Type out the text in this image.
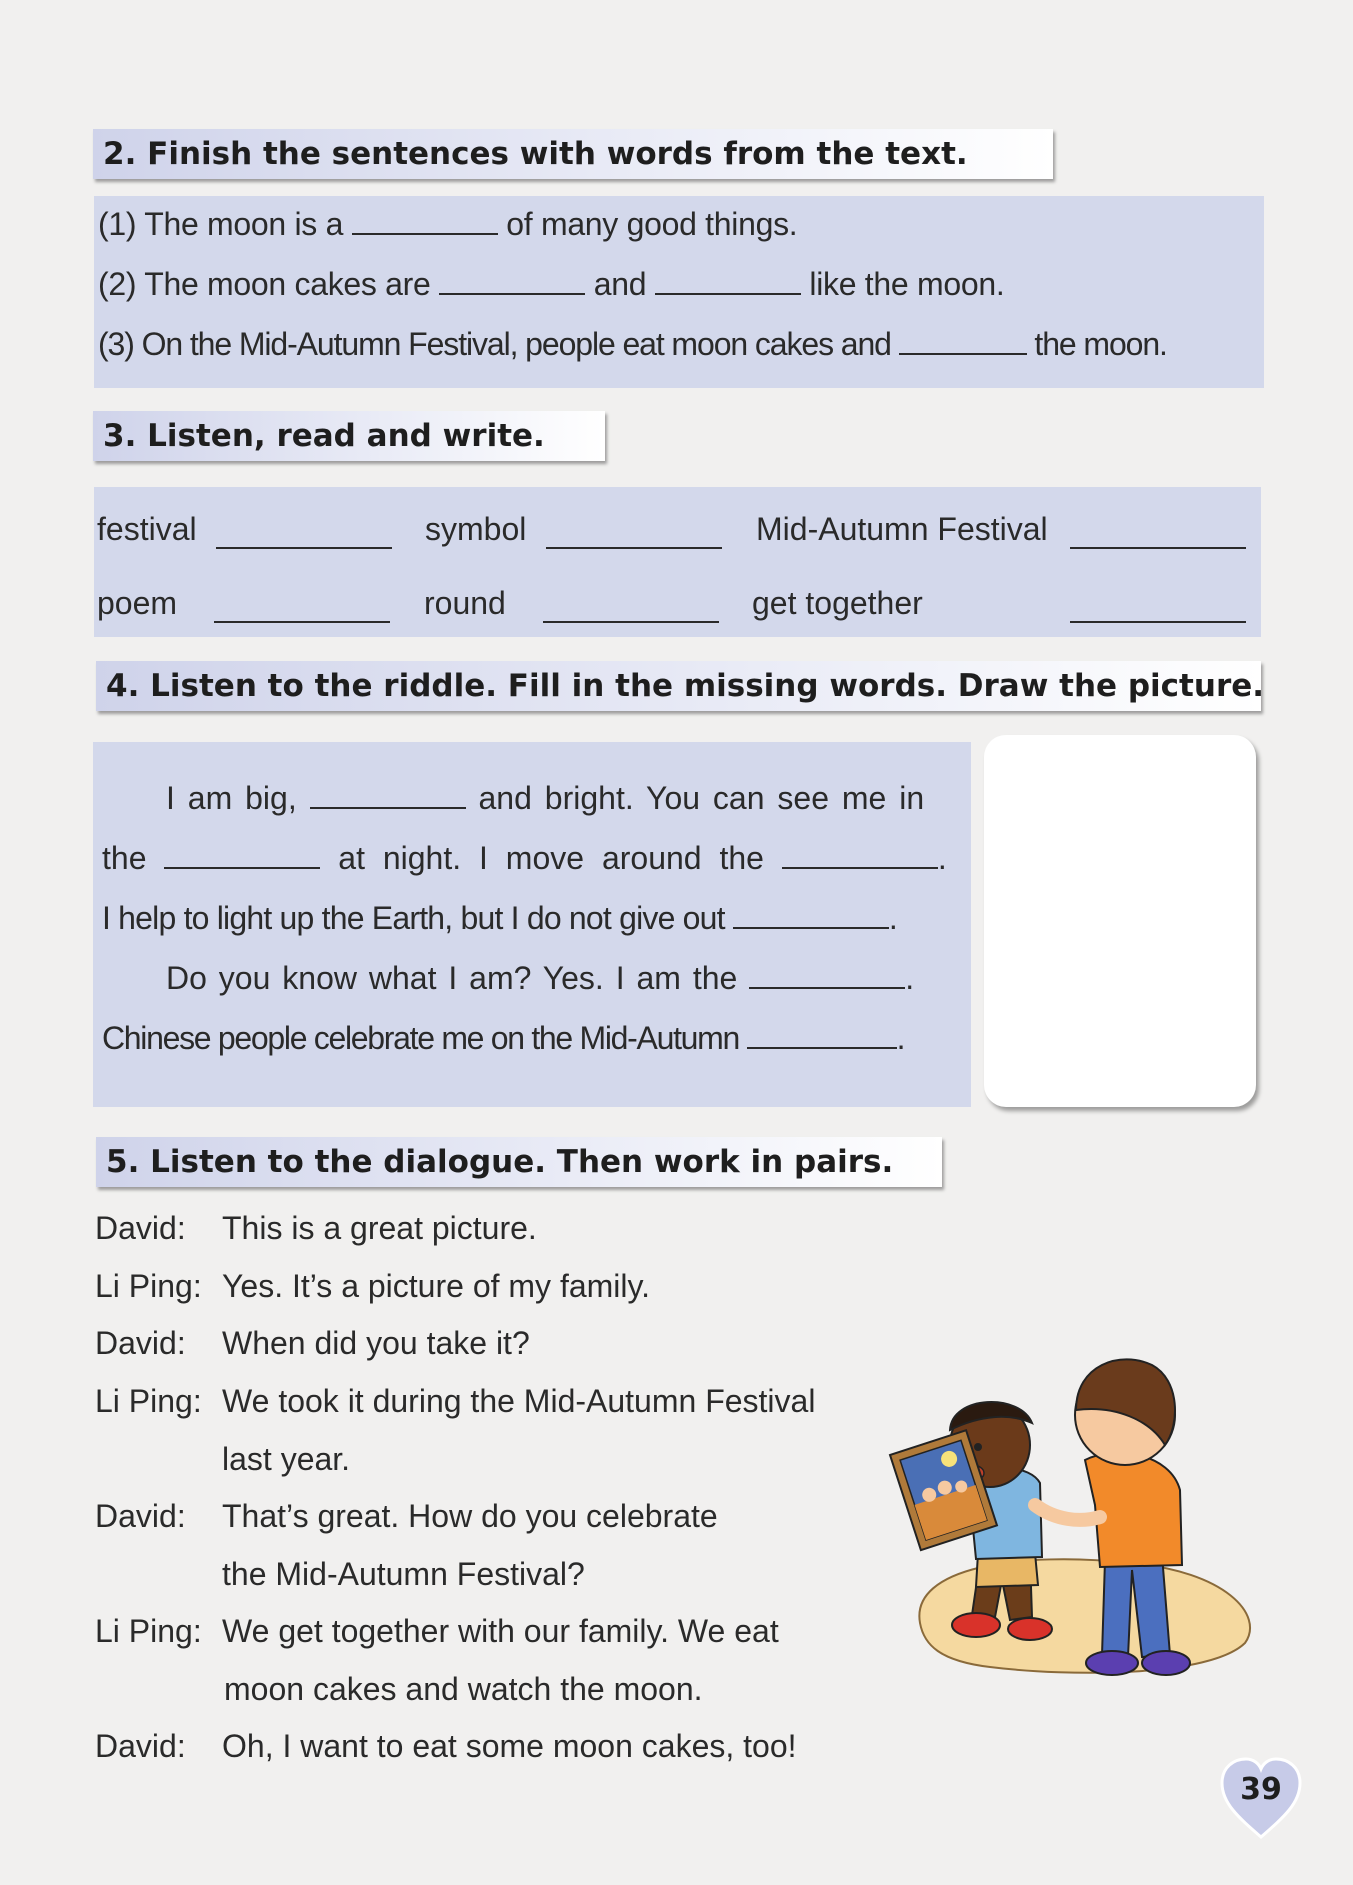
2. Finish the sentences with words from the text.
(1) The moon is a	of many good things.
(2) The moon cakes are	and	like the moon.
(3) On the Mid-Autumn Festival, people eat moon cakes and	the moon.
3. Listen, read and write.
festival	symbol	Mid-Autumn Festival
poem	round	get together
4. Listen to the riddle. Fill in the missing words. Draw the picture.
I am big,	and bright. You can see me in
the	at night. I move around the	.
I help to light up the Earth, but I do not give out	.
Do you know what I am? Yes. I am the	.
Chinese people celebrate me on the Mid-Autumn	.
5. Listen to the dialogue. Then work in pairs.
David: This is a great picture.
Li Ping: Yes. It’s a picture of my family.
David: When did you take it?
Li Ping: We took it during the Mid-Autumn Festival
last year.
David: That’s great. How do you celebrate
the Mid-Autumn Festival?
Li Ping: We get together with our family. We eat
moon cakes and watch the moon.
David: Oh, I want to eat some moon cakes, too!
39
